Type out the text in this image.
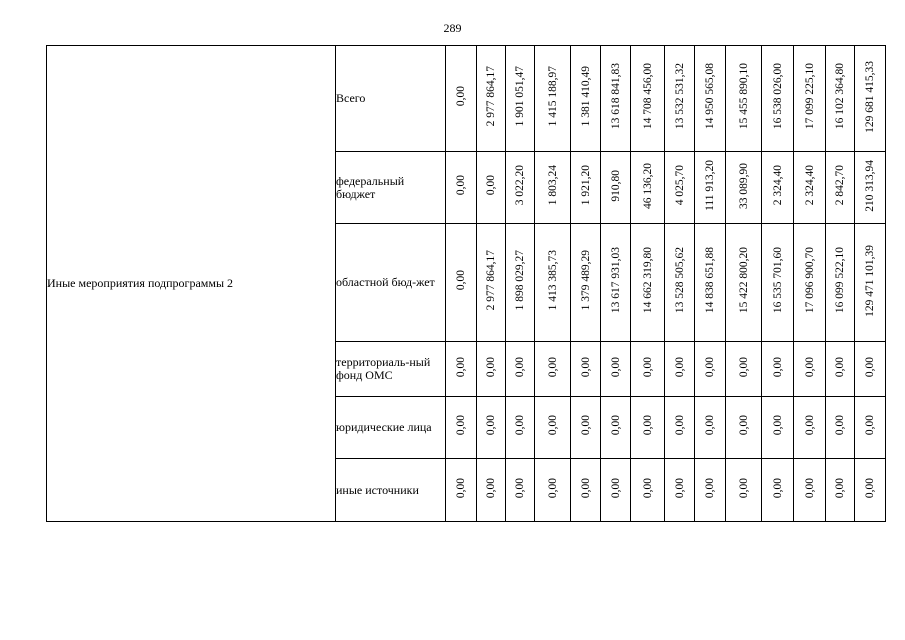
289
Иные мероприятия подпрограммы 2	Всего	0,00	2 977 864,17	1 901 051,47	1 415 188,97	1 381 410,49	13 618 841,83	14 708 456,00	13 532 531,32	14 950 565,08	15 455 890,10	16 538 026,00	17 099 225,10	16 102 364,80	129 681 415,33
	федеральный бюджет	0,00	0,00	3 022,20	1 803,24	1 921,20	910,80	46 136,20	4 025,70	111 913,20	33 089,90	2 324,40	2 324,40	2 842,70	210 313,94
	областной бюд-жет	0,00	2 977 864,17	1 898 029,27	1 413 385,73	1 379 489,29	13 617 931,03	14 662 319,80	13 528 505,62	14 838 651,88	15 422 800,20	16 535 701,60	17 096 900,70	16 099 522,10	129 471 101,39
	территориаль-ный фонд ОМС	0,00	0,00	0,00	0,00	0,00	0,00	0,00	0,00	0,00	0,00	0,00	0,00	0,00	0,00
	юридические лица	0,00	0,00	0,00	0,00	0,00	0,00	0,00	0,00	0,00	0,00	0,00	0,00	0,00	0,00
	иные источники	0,00	0,00	0,00	0,00	0,00	0,00	0,00	0,00	0,00	0,00	0,00	0,00	0,00	0,00
